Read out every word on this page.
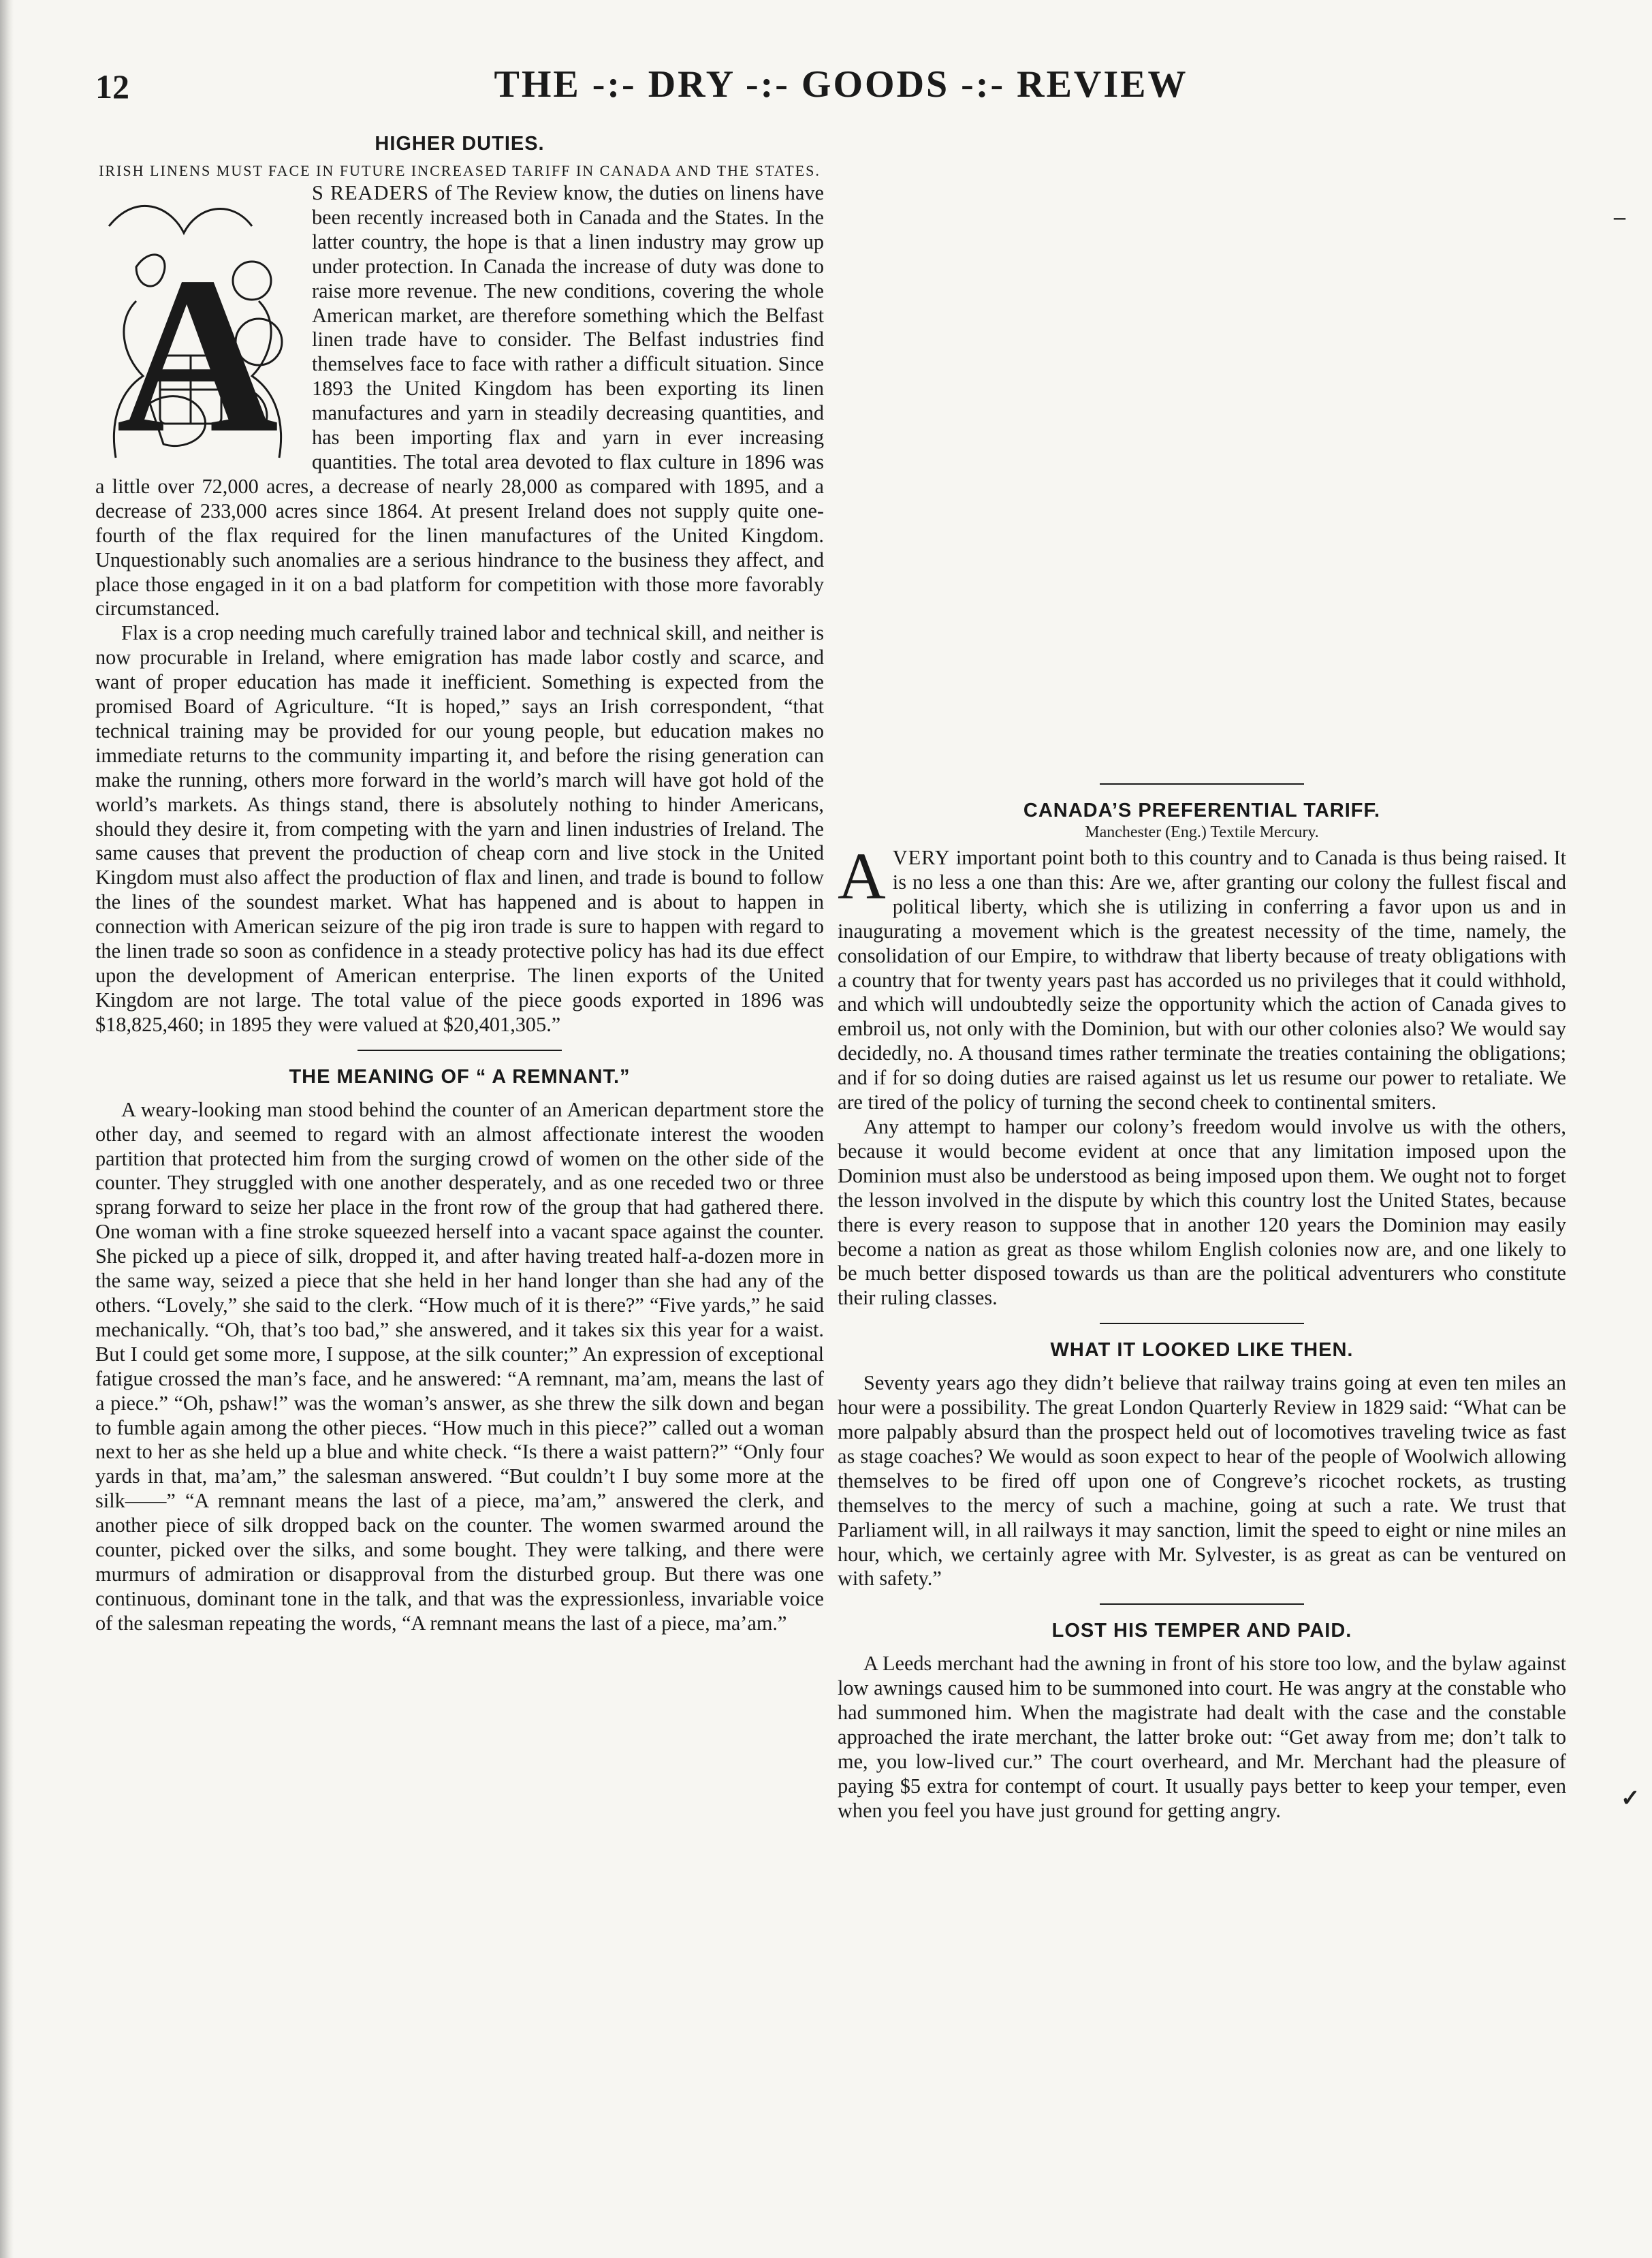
12	THE -:- DRY -:- GOODS -:- REVIEW
HIGHER DUTIES.
IRISH LINENS MUST FACE IN FUTURE INCREASED TARIFF IN CANADA AND THE STATES.
A

S READERS of The Review know, the duties on linens have been recently increased both in Canada and the States. In the latter country, the hope is that a linen industry may grow up under protection. In Canada the increase of duty was done to raise more revenue. The new conditions, covering the whole American market, are therefore something which the Belfast linen trade have to consider. The Belfast industries find themselves face to face with rather a difficult situation. Since 1893 the United Kingdom has been exporting its linen manufactures and yarn in steadily decreasing quantities, and has been importing flax and yarn in ever increasing quantities. The total area devoted to flax culture in 1896 was a little over 72,000 acres, a decrease of nearly 28,000 as compared with 1895, and a decrease of 233,000 acres since 1864. At present Ireland does not supply quite one-fourth of the flax required for the linen manufactures of the United Kingdom. Unquestionably such anomalies are a serious hindrance to the business they affect, and place those engaged in it on a bad platform for competition with those more favorably circumstanced.

Flax is a crop needing much carefully trained labor and technical skill, and neither is now procurable in Ireland, where emigration has made labor costly and scarce, and want of proper education has made it inefficient. Something is expected from the promised Board of Agriculture. “It is hoped,” says an Irish correspondent, “that technical training may be provided for our young people, but education makes no immediate returns to the community imparting it, and before the rising generation can make the running, others more forward in the world’s march will have got hold of the world’s markets. As things stand, there is absolutely nothing to hinder Americans, should they desire it, from competing with the yarn and linen industries of Ireland. The same causes that prevent the production of cheap corn and live stock in the United Kingdom must also affect the production of flax and linen, and trade is bound to follow the lines of the soundest market. What has happened and is about to happen in connection with American seizure of the pig iron trade is sure to happen with regard to the linen trade so soon as confidence in a steady protective policy has had its due effect upon the development of American enterprise. The linen exports of the United Kingdom are not large. The total value of the piece goods exported in 1896 was $18,825,460; in 1895 they were valued at $20,401,305.”

THE MEANING OF “ A REMNANT.”

A weary-looking man stood behind the counter of an American department store the other day, and seemed to regard with an almost affectionate interest the wooden partition that protected him from the surging crowd of women on the other side of the counter. They struggled with one another desperately, and as one receded two or three sprang forward to seize her place in the front row of the group that had gathered there. One woman with a fine stroke squeezed herself into a vacant space against the counter. She picked up a piece of silk, dropped it, and after having treated half-a-dozen more in the same way, seized a piece that she held in her hand longer than she had any of the others. “Lovely,” she said to the clerk. “How much of it is there?” “Five yards,” he said mechanically. “Oh, that’s too bad,” she answered, and it takes six this year for a waist. But I could get some more, I suppose, at the silk counter;” An expression of exceptional fatigue crossed the man’s face, and he answered: “A remnant, ma’am, means the last of a piece.” “Oh, pshaw!” was the woman’s answer, as she threw the silk down and began to fumble again among the other pieces. “How much in this piece?” called out a woman next to her as she held up a blue and white check. “Is there a waist pattern?” “Only four yards in that, ma’am,” the salesman answered. “But couldn’t I buy some more at the silk——” “A remnant means the last of a piece, ma’am,” answered the clerk, and another piece of silk dropped back on the counter. The women swarmed around the counter, picked over the silks, and some bought. They were talking, and there were murmurs of admiration or disapproval from the disturbed group. But there was one continuous, dominant tone in the talk, and that was the expressionless, invariable voice of the salesman repeating the words, “A remnant means the last of a piece, ma’am.”

CANADA’S PREFERENTIAL TARIFF.
Manchester (Eng.) Textile Mercury.

AVERY important point both to this country and to Canada is thus being raised. It is no less a one than this: Are we, after granting our colony the fullest fiscal and political liberty, which she is utilizing in conferring a favor upon us and in inaugurating a movement which is the greatest necessity of the time, namely, the consolidation of our Empire, to withdraw that liberty because of treaty obligations with a country that for twenty years past has accorded us no privileges that it could withhold, and which will undoubtedly seize the opportunity which the action of Canada gives to embroil us, not only with the Dominion, but with our other colonies also? We would say decidedly, no. A thousand times rather terminate the treaties containing the obligations; and if for so doing duties are raised against us let us resume our power to retaliate. We are tired of the policy of turning the second cheek to continental smiters.

Any attempt to hamper our colony’s freedom would involve us with the others, because it would become evident at once that any limitation imposed upon the Dominion must also be understood as being imposed upon them. We ought not to forget the lesson involved in the dispute by which this country lost the United States, because there is every reason to suppose that in another 120 years the Dominion may easily become a nation as great as those whilom English colonies now are, and one likely to be much better disposed towards us than are the political adventurers who constitute their ruling classes.

WHAT IT LOOKED LIKE THEN.

Seventy years ago they didn’t believe that railway trains going at even ten miles an hour were a possibility. The great London Quarterly Review in 1829 said: “What can be more palpably absurd than the prospect held out of locomotives traveling twice as fast as stage coaches? We would as soon expect to hear of the people of Woolwich allowing themselves to be fired off upon one of Congreve’s ricochet rockets, as trusting themselves to the mercy of such a machine, going at such a rate. We trust that Parliament will, in all railways it may sanction, limit the speed to eight or nine miles an hour, which, we certainly agree with Mr. Sylvester, is as great as can be ventured on with safety.”

LOST HIS TEMPER AND PAID.

A Leeds merchant had the awning in front of his store too low, and the bylaw against low awnings caused him to be summoned into court. He was angry at the constable who had summoned him. When the magistrate had dealt with the case and the constable approached the irate merchant, the latter broke out: “Get away from me; don’t talk to me, you low-lived cur.” The court overheard, and Mr. Merchant had the pleasure of paying $5 extra for contempt of court. It usually pays better to keep your temper, even when you feel you have just ground for getting angry.

–
✓
